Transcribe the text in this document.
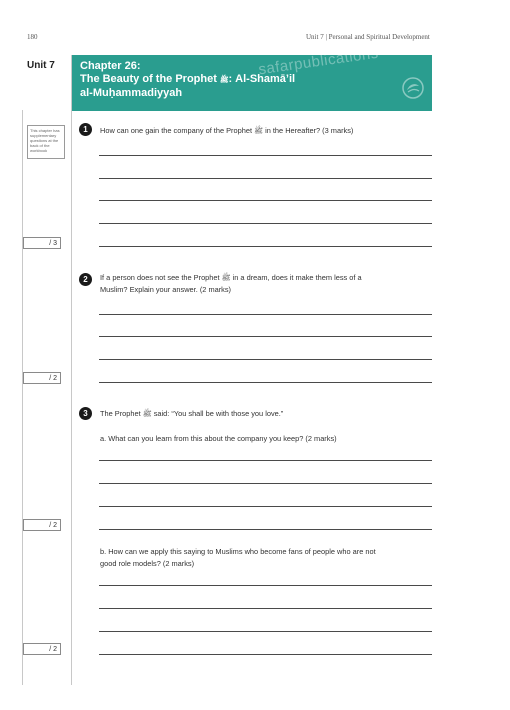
180	Unit 7 | Personal and Spiritual Development
Unit 7	safarpublications
Chapter 26:
The Beauty of the Prophet ﷺ: Al-Shamā’il
al-Muḥammadiyyah
This chapter has supplementary questions at the back of the workbook
1	How can one gain the company of the Prophet ﷺ in the Hereafter? (3 marks)
/ 3
2	If a person does not see the Prophet ﷺ in a dream, does it make them less of a
Muslim? Explain your answer. (2 marks)
/ 2
3	The Prophet ﷺ said: “You shall be with those you love.”
a. What can you learn from this about the company you keep? (2 marks)
/ 2
b. How can we apply this saying to Muslims who become fans of people who are not
good role models? (2 marks)
/ 2
